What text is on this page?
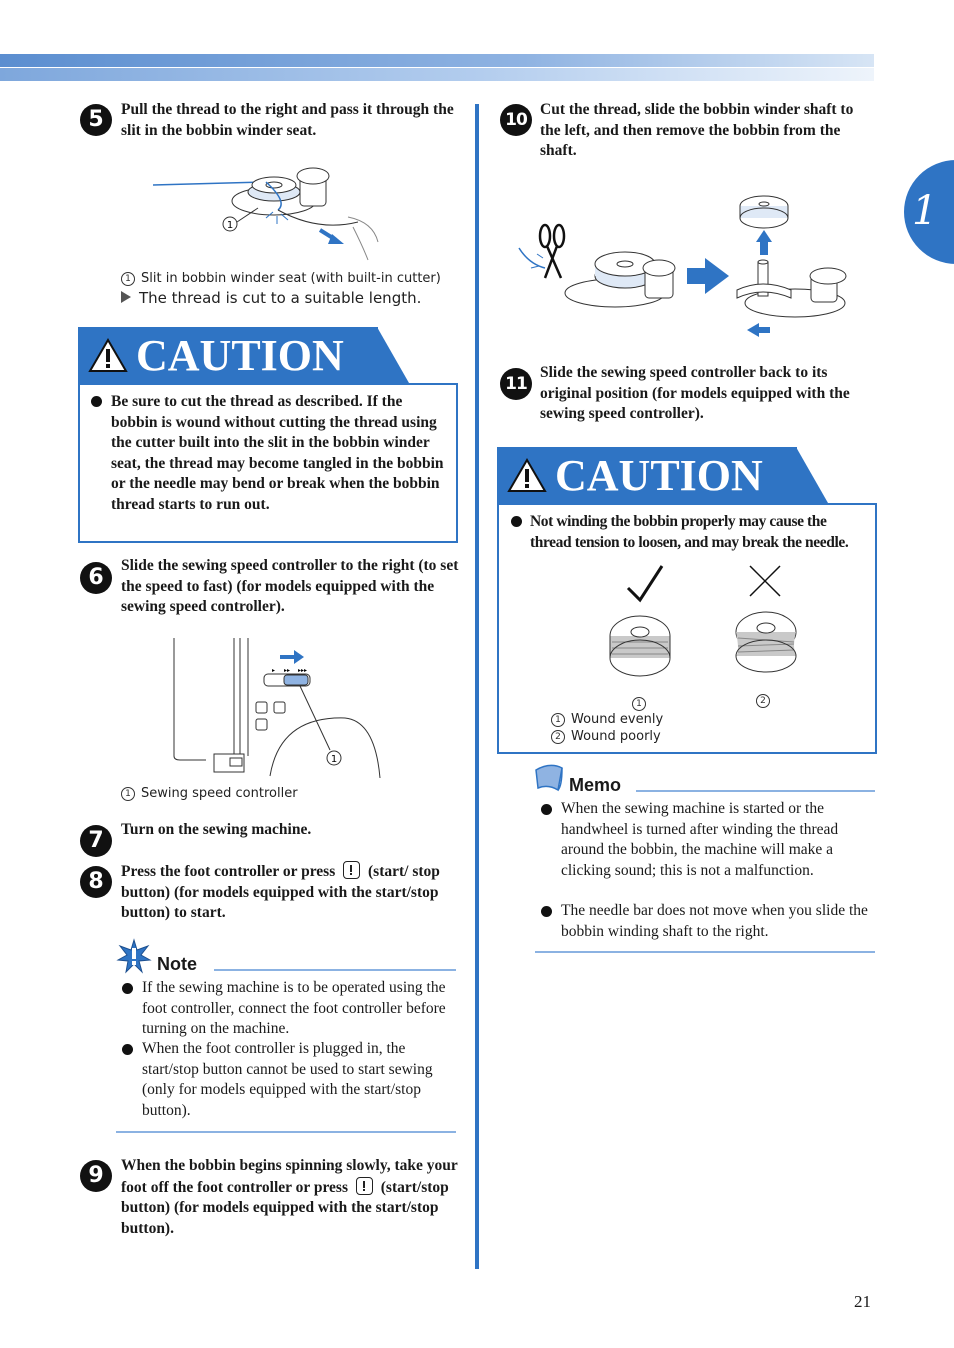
1
5	Pull the thread to the right and pass it through the slit in the bobbin winder seat.
1
1 Slit in bobbin winder seat (with built-in cutter)
The thread is cut to a suitable length.
CAUTION
Be sure to cut the thread as described. If the bobbin is wound without cutting the thread using the cutter built into the slit in the bobbin winder seat, the thread may become tangled in the bobbin or the needle may bend or break when the bobbin thread starts to run out.
6	Slide the sewing speed controller to the right (to set the speed to fast) (for models equipped with the sewing speed controller).
▸ ▸▸ ▸▸▸
1
1 Sewing speed controller
7	Turn on the sewing machine.
8	Press the foot controller or press (start/ stop button) (for models equipped with the start/stop button) to start.
Note
If the sewing machine is to be operated using the foot controller, connect the foot controller before turning on the machine.
When the foot controller is plugged in, the start/stop button cannot be used to start sewing (only for models equipped with the start/stop button).
9	When the bobbin begins spinning slowly, take your foot off the foot controller or press (start/stop button) (for models equipped with the start/stop button).
10 Cut the thread, slide the bobbin winder shaft to the left, and then remove the bobbin from the shaft.
11
Slide the sewing speed controller back to its original position (for models equipped with the sewing speed controller).
CAUTION
Not winding the bobbin properly may cause the thread tension to loosen, and may break the needle.
1	2
1 Wound evenly
2 Wound poorly
Memo
When the sewing machine is started or the handwheel is turned after winding the thread around the bobbin, the machine will make a clicking sound; this is not a malfunction.
The needle bar does not move when you slide the bobbin winding shaft to the right.
21
